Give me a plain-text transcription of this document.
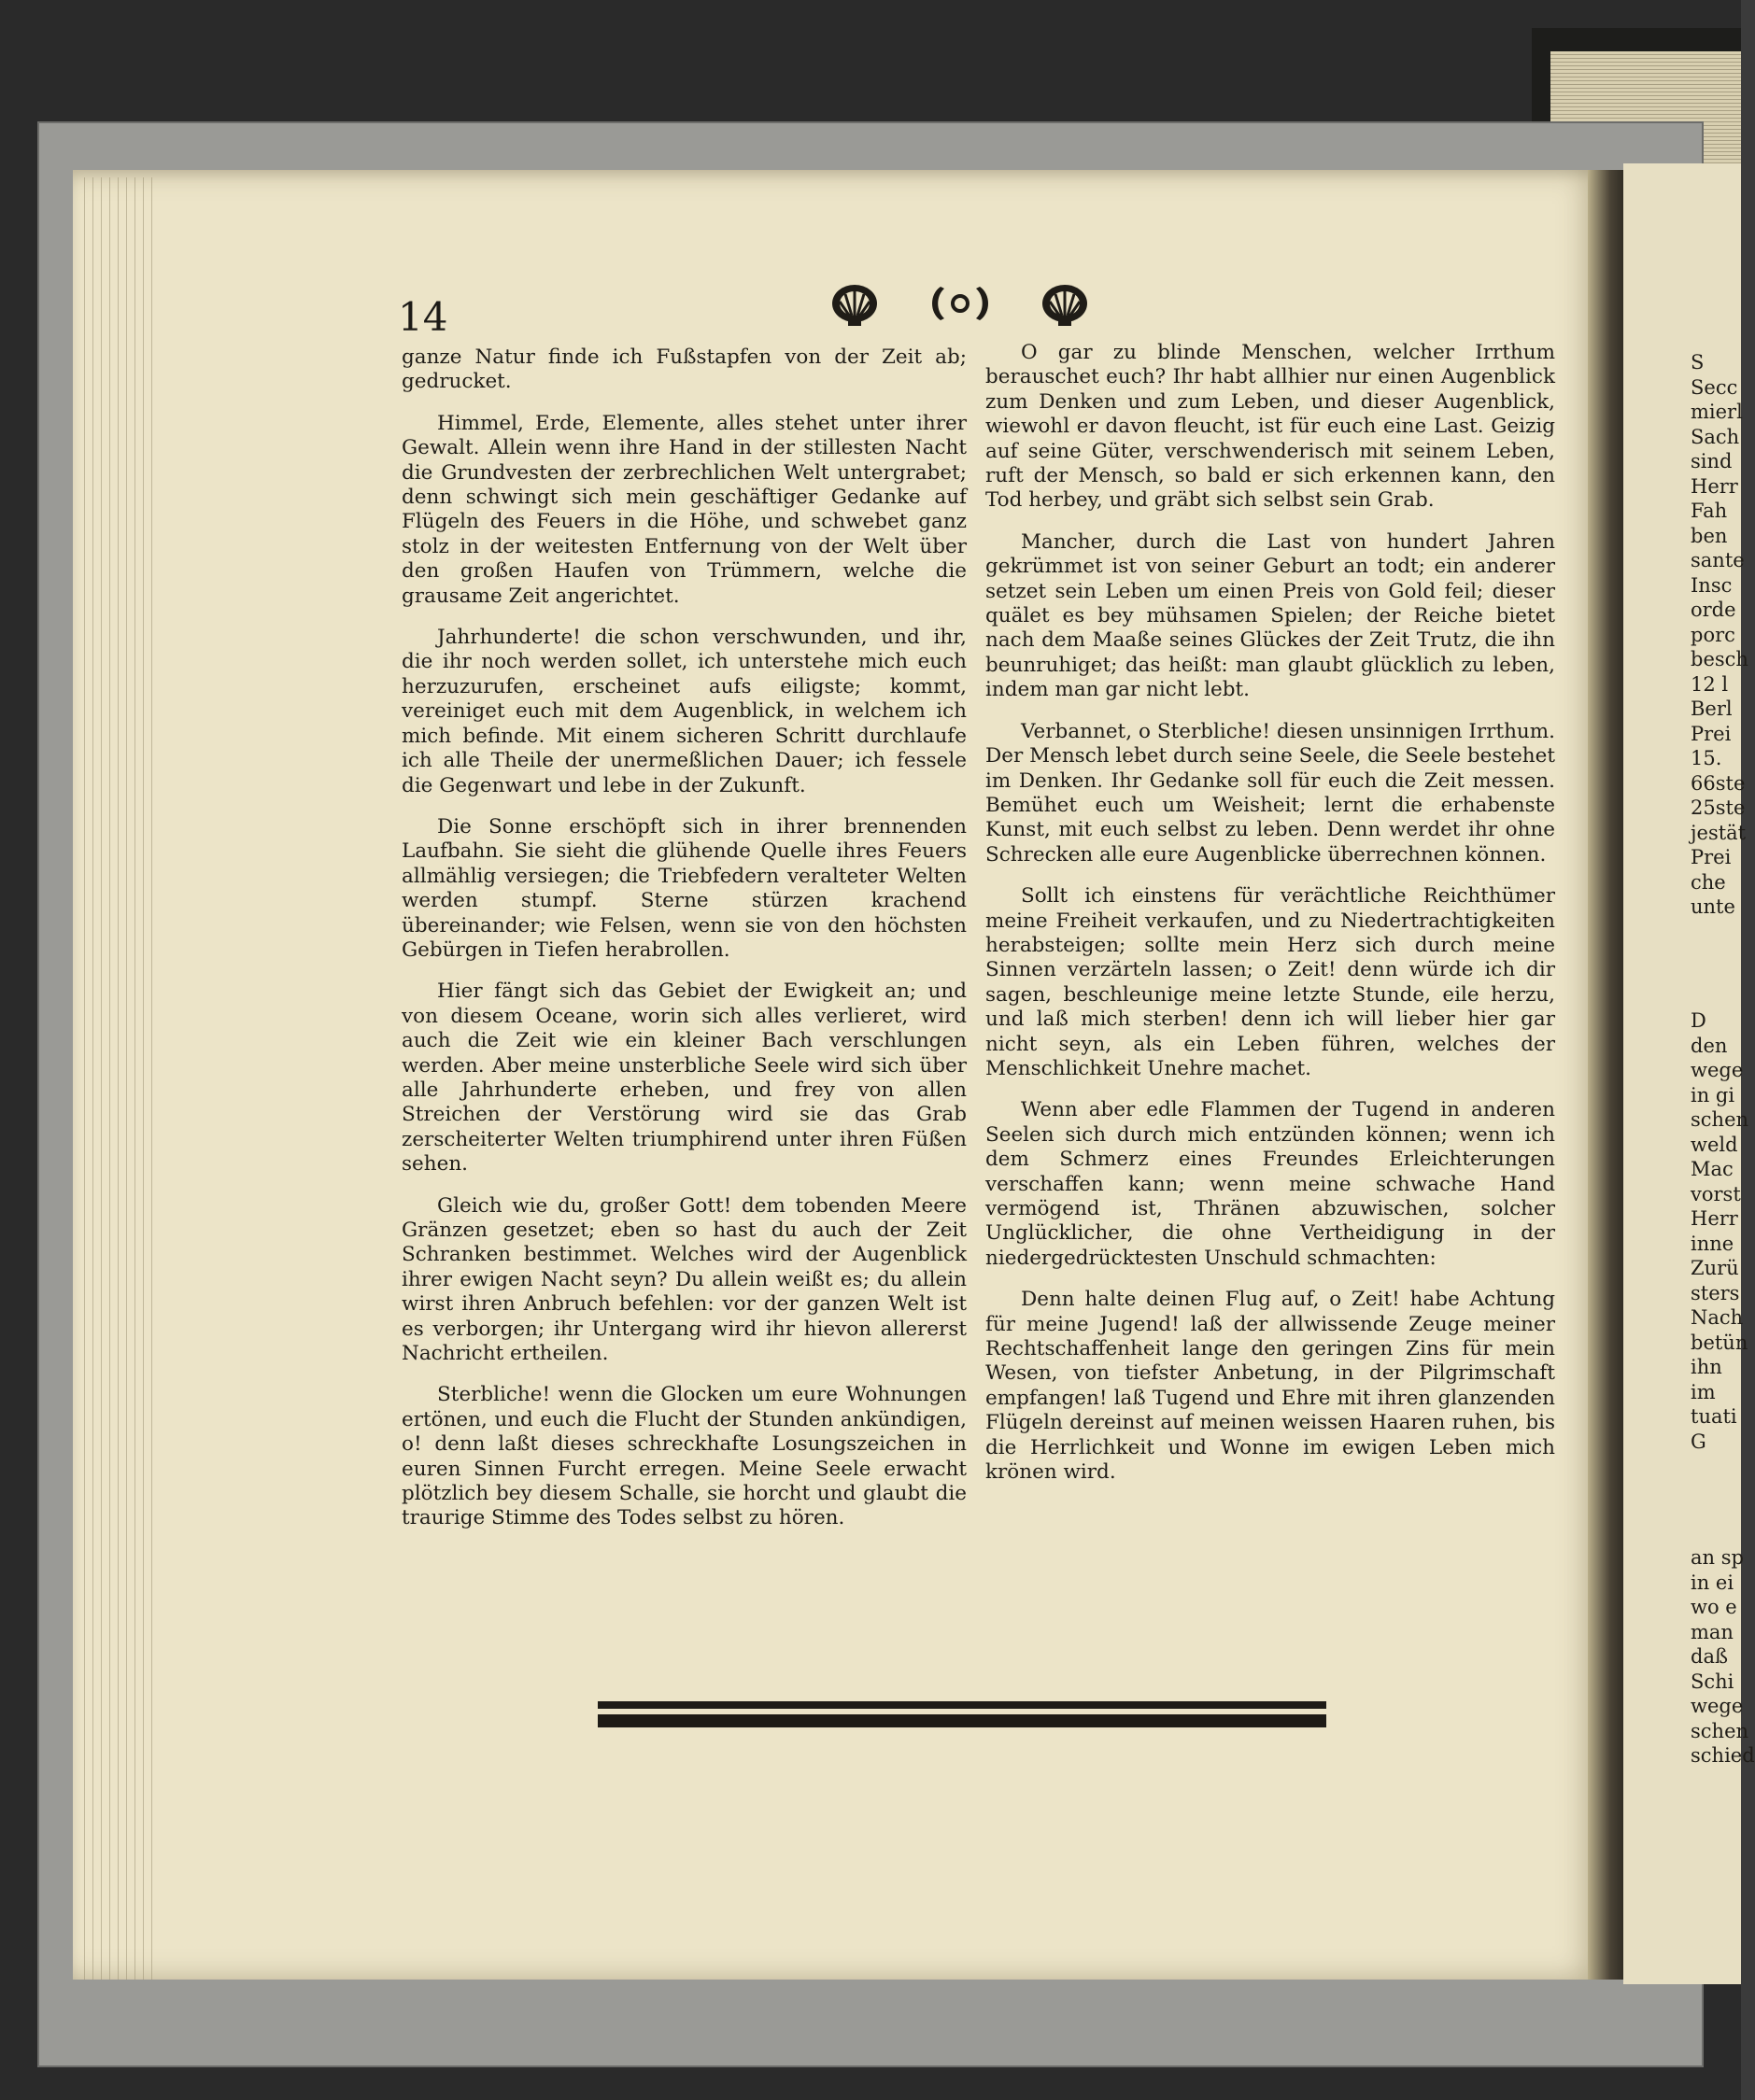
14

ganze Natur finde ich Fußstapfen von der Zeit ab; gedrucket.

Himmel, Erde, Elemente, alles stehet unter ihrer Gewalt. Allein wenn ihre Hand in der stillesten Nacht die Grundvesten der zerbrechlichen Welt untergrabet; denn schwingt sich mein geschäftiger Gedanke auf Flügeln des Feuers in die Höhe, und schwebet ganz stolz in der weitesten Entfernung von der Welt über den großen Haufen von Trümmern, welche die grausame Zeit angerichtet.

Jahrhunderte! die schon verschwunden, und ihr, die ihr noch werden sollet, ich unterstehe mich euch herzuzurufen, erscheinet aufs eiligste; kommt, vereiniget euch mit dem Augenblick, in welchem ich mich befinde. Mit einem sicheren Schritt durchlaufe ich alle Theile der unermeßlichen Dauer; ich fessele die Gegenwart und lebe in der Zukunft.

Die Sonne erschöpft sich in ihrer brennenden Laufbahn. Sie sieht die glühende Quelle ihres Feuers allmählig versiegen; die Triebfedern veralteter Welten werden stumpf. Sterne stürzen krachend übereinander; wie Felsen, wenn sie von den höchsten Gebürgen in Tiefen herabrollen.

Hier fängt sich das Gebiet der Ewigkeit an; und von diesem Oceane, worin sich alles verlieret, wird auch die Zeit wie ein kleiner Bach verschlungen werden. Aber meine unsterbliche Seele wird sich über alle Jahrhunderte erheben, und frey von allen Streichen der Verstörung wird sie das Grab zerscheiterter Welten triumphirend unter ihren Füßen sehen.

Gleich wie du, großer Gott! dem tobenden Meere Gränzen gesetzet; eben so hast du auch der Zeit Schranken bestimmet. Welches wird der Augenblick ihrer ewigen Nacht seyn? Du allein weißt es; du allein wirst ihren Anbruch befehlen: vor der ganzen Welt ist es verborgen; ihr Untergang wird ihr hievon allererst Nachricht ertheilen.

Sterbliche! wenn die Glocken um eure Wohnungen ertönen, und euch die Flucht der Stunden ankündigen, o! denn laßt dieses schreckhafte Losungszeichen in euren Sinnen Furcht erregen. Meine Seele erwacht plötzlich bey diesem Schalle, sie horcht und glaubt die traurige Stimme des Todes selbst zu hören.

O gar zu blinde Menschen, welcher Irrthum berauschet euch? Ihr habt allhier nur einen Augenblick zum Denken und zum Leben, und dieser Augenblick, wiewohl er davon fleucht, ist für euch eine Last. Geizig auf seine Güter, verschwenderisch mit seinem Leben, ruft der Mensch, so bald er sich erkennen kann, den Tod herbey, und gräbt sich selbst sein Grab.

Mancher, durch die Last von hundert Jahren gekrümmet ist von seiner Geburt an todt; ein anderer setzet sein Leben um einen Preis von Gold feil; dieser quälet es bey mühsamen Spielen; der Reiche bietet nach dem Maaße seines Glückes der Zeit Trutz, die ihn beunruhiget; das heißt: man glaubt glücklich zu leben, indem man gar nicht lebt.

Verbannet, o Sterbliche! diesen unsinnigen Irrthum. Der Mensch lebet durch seine Seele, die Seele bestehet im Denken. Ihr Gedanke soll für euch die Zeit messen. Bemühet euch um Weisheit; lernt die erhabenste Kunst, mit euch selbst zu leben. Denn werdet ihr ohne Schrecken alle eure Augenblicke überrechnen können.

Sollt ich einstens für verächtliche Reichthümer meine Freiheit verkaufen, und zu Niedertrachtigkeiten herabsteigen; sollte mein Herz sich durch meine Sinnen verzärteln lassen; o Zeit! denn würde ich dir sagen, beschleunige meine letzte Stunde, eile herzu, und laß mich sterben! denn ich will lieber hier gar nicht seyn, als ein Leben führen, welches der Menschlichkeit Unehre machet.

Wenn aber edle Flammen der Tugend in anderen Seelen sich durch mich entzünden können; wenn ich dem Schmerz eines Freundes Erleichterungen verschaffen kann; wenn meine schwache Hand vermögend ist, Thränen abzuwischen, solcher Unglücklicher, die ohne Vertheidigung in der niedergedrücktesten Unschuld schmachten:

Denn halte deinen Flug auf, o Zeit! habe Achtung für meine Jugend! laß der allwissende Zeuge meiner Rechtschaffenheit lange den geringen Zins für mein Wesen, von tiefster Anbetung, in der Pilgrimschaft empfangen! laß Tugend und Ehre mit ihren glanzenden Flügeln dereinst auf meinen weissen Haaren ruhen, bis die Herrlichkeit und Wonne im ewigen Leben mich krönen wird.

S
Secc
mierl
Sach
sind
Herr
Fah
ben
sante
Insc
orde
porc
besch
12 l
Berl
Prei
15.
66ste
25ste
jestät
Prei
che
unte
D
den
wege
in gi
schen
weld
Mac
vorst
Herr
inne
Zurü
sters
Nach
betün
ihn
im
tuati
G
an sp
in ei
wo e
man
daß
Schi
wege
schen
schied
